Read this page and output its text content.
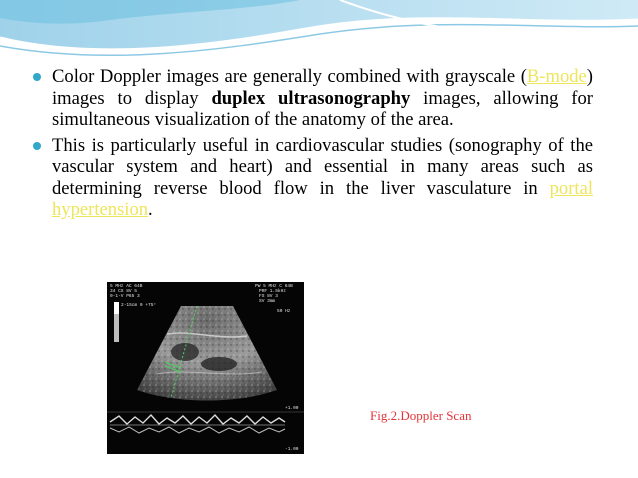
Color Doppler images are generally combined with grayscale (B-mode) images to display duplex ultrasonography images, allowing for simultaneous visualization of the anatomy of the area.

This is particularly useful in cardiovascular studies (sonography of the vascular system and heart) and essential in many areas such as determining reverse blood flow in the liver vasculature in portal hypertension.

5 MHz AC 64B
34 CS 8V 5
0-1-V P65 3
2-15cm 0 +75°
PW 5 MHz C 64B
PRF 1.5kHz
FS 8V 3
SV 3mm
50 Hz
+1.00
-1.00
Fig.2.Doppler Scan
